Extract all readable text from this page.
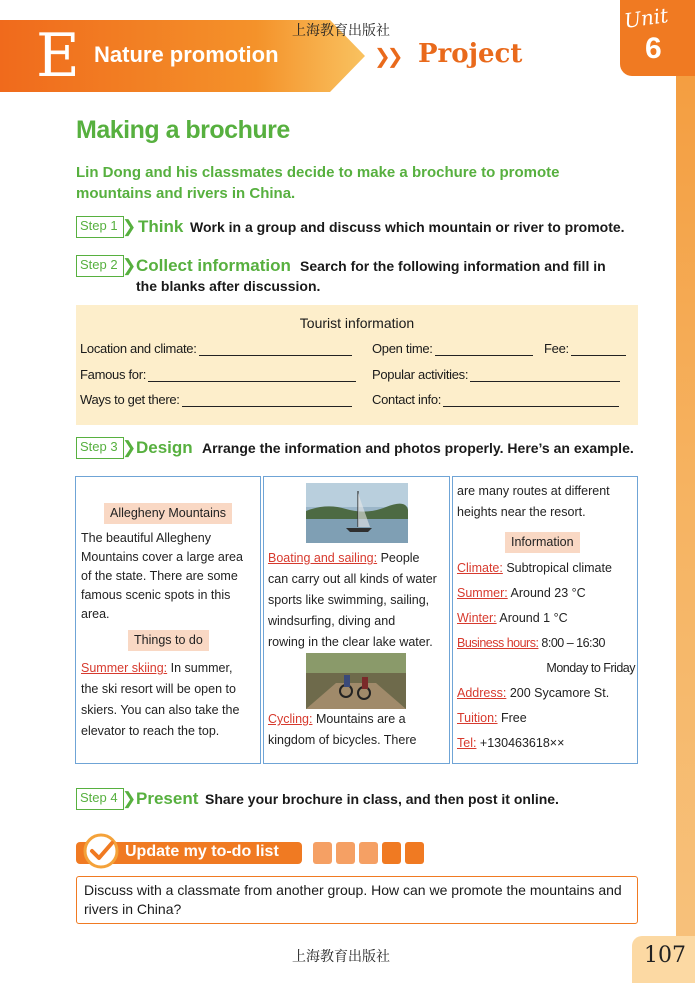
E Nature promotion
上海教育出版社
❯❯ Project
Unit
6
Making a brochure
Lin Dong and his classmates decide to make a brochure to promote mountains and rivers in China.
Step 1 ❯ Think Work in a group and discuss which mountain or river to promote.
Step 2 ❯ Collect information Search for the following information and fill in
the blanks after discussion.
Tourist information
Location and climate:	Open time:	Fee:
Famous for:	Popular activities:
Ways to get there:	Contact info:
Step 3 ❯ Design Arrange the information and photos properly. Here’s an example.
Allegheny Mountains
The beautiful Allegheny
Mountains cover a large area
of the state. There are some
famous scenic spots in this
area.
Things to do
Summer skiing: In summer,
the ski resort will be open to
skiers. You can also take the
elevator to reach the top.
Boating and sailing: People
can carry out all kinds of water
sports like swimming, sailing,
windsurfing, diving and
rowing in the clear lake water.
Cycling: Mountains are a
kingdom of bicycles. There
are many routes at different
heights near the resort.
Information
Climate: Subtropical climate
Summer: Around 23 °C
Winter: Around 1 °C
Business hours: 8:00 – 16:30
Monday to Friday
Address: 200 Sycamore St.
Tuition: Free
Tel: +130463618××
Step 4 ❯ Present Share your brochure in class, and then post it online.
Update my to-do list
Discuss with a classmate from another group. How can we promote the mountains and rivers in China?
上海教育出版社	107
